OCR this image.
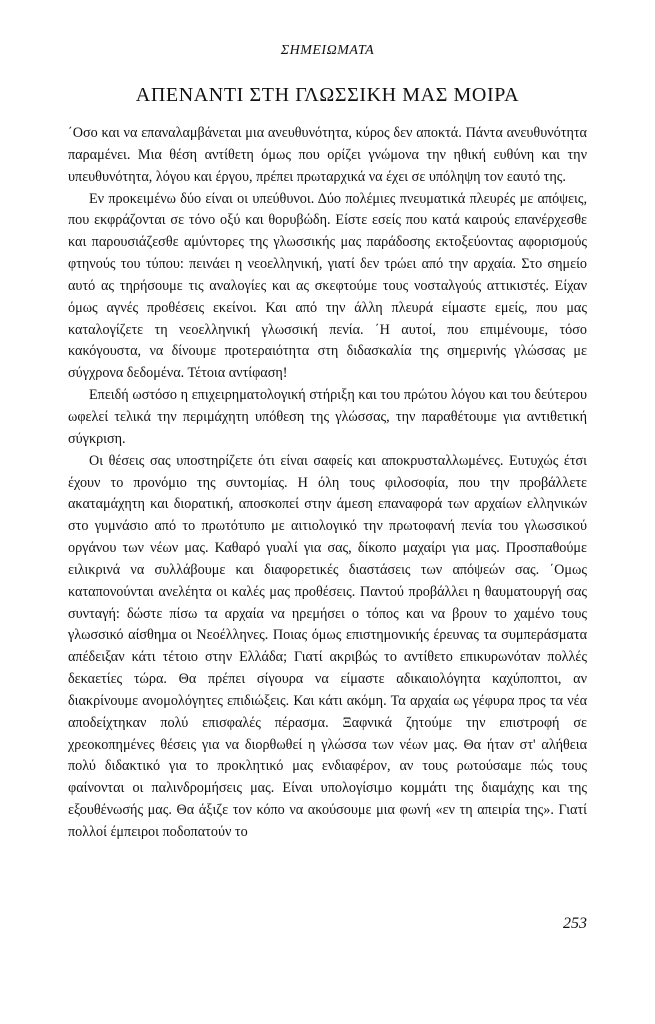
ΣΗΜΕΙΩΜΑΤΑ
ΑΠΕΝΑΝΤΙ ΣΤΗ ΓΛΩΣΣΙΚΗ ΜΑΣ ΜΟΙΡΑ

΄Οσο και να επαναλαμβάνεται μια ανευθυνότητα, κύρος δεν αποκτά. Πάντα ανευθυνότητα παραμένει. Μια θέση αντίθετη όμως που ορίζει γνώμονα την ηθική ευθύνη και την υπευθυνότητα, λόγου και έργου, πρέπει πρωταρχικά να έχει σε υπόληψη τον εαυτό της.

Εν προκειμένω δύο είναι οι υπεύθυνοι. Δύο πολέμιες πνευματικά πλευρές με απόψεις, που εκφράζονται σε τόνο οξύ και θορυβώδη. Είστε εσείς που κατά καιρούς επανέρχεσθε και παρουσιάζεσθε αμύντορες της γλωσσικής μας παράδοσης εκτοξεύοντας αφορισμούς φτηνούς του τύπου: πεινάει η νεοελληνική, γιατί δεν τρώει από την αρχαία. Στο σημείο αυτό ας τηρήσουμε τις αναλογίες και ας σκεφτούμε τους νοσταλγούς αττικιστές. Είχαν όμως αγνές προθέσεις εκείνοι. Και από την άλλη πλευρά είμαστε εμείς, που μας καταλογίζετε τη νεοελληνική γλωσσική πενία. ΄Η αυτοί, που επιμένουμε, τόσο κακόγουστα, να δίνουμε προτεραιότητα στη διδασκαλία της σημερινής γλώσσας με σύγχρονα δεδομένα. Τέτοια αντίφαση!

Επειδή ωστόσο η επιχειρηματολογική στήριξη και του πρώτου λόγου και του δεύτερου ωφελεί τελικά την περιμάχητη υπόθεση της γλώσσας, την παραθέτουμε για αντιθετική σύγκριση.

Οι θέσεις σας υποστηρίζετε ότι είναι σαφείς και αποκρυσταλλωμένες. Ευτυχώς έτσι έχουν το προνόμιο της συντομίας. Η όλη τους φιλοσοφία, που την προβάλλετε ακαταμάχητη και διορατική, αποσκοπεί στην άμεση επαναφορά των αρχαίων ελληνικών στο γυμνάσιο από το πρωτότυπο με αιτιολογικό την πρωτοφανή πενία του γλωσσικού οργάνου των νέων μας. Καθαρό γυαλί για σας, δίκοπο μαχαίρι για μας. Προσπαθούμε ειλικρινά να συλλάβουμε και διαφορετικές διαστάσεις των απόψεών σας. ΄Ομως καταπονούνται ανελέητα οι καλές μας προθέσεις. Παντού προβάλλει η θαυματουργή σας συνταγή: δώστε πίσω τα αρχαία να ηρεμήσει ο τόπος και να βρουν το χαμένο τους γλωσσικό αίσθημα οι Νεοέλληνες. Ποιας όμως επιστημονικής έρευνας τα συμπεράσματα απέδειξαν κάτι τέτοιο στην Ελλάδα; Γιατί ακριβώς το αντίθετο επικυρωνόταν πολλές δεκαετίες τώρα. Θα πρέπει σίγουρα να είμαστε αδικαιολόγητα καχύποπτοι, αν διακρίνουμε ανομολόγητες επιδιώξεις. Και κάτι ακόμη. Τα αρχαία ως γέφυρα προς τα νέα αποδείχτηκαν πολύ επισφαλές πέρασμα. Ξαφνικά ζητούμε την επιστροφή σε χρεοκοπημένες θέσεις για να διορθωθεί η γλώσσα των νέων μας. Θα ήταν στ' αλήθεια πολύ διδακτικό για το προκλητικό μας ενδιαφέρον, αν τους ρωτούσαμε πώς τους φαίνονται οι παλινδρομήσεις μας. Είναι υπολογίσιμο κομμάτι της διαμάχης και της εξουθένωσής μας. Θα άξιζε τον κόπο να ακούσουμε μια φωνή «εν τη απειρία της». Γιατί πολλοί έμπειροι ποδοπατούν το

253
